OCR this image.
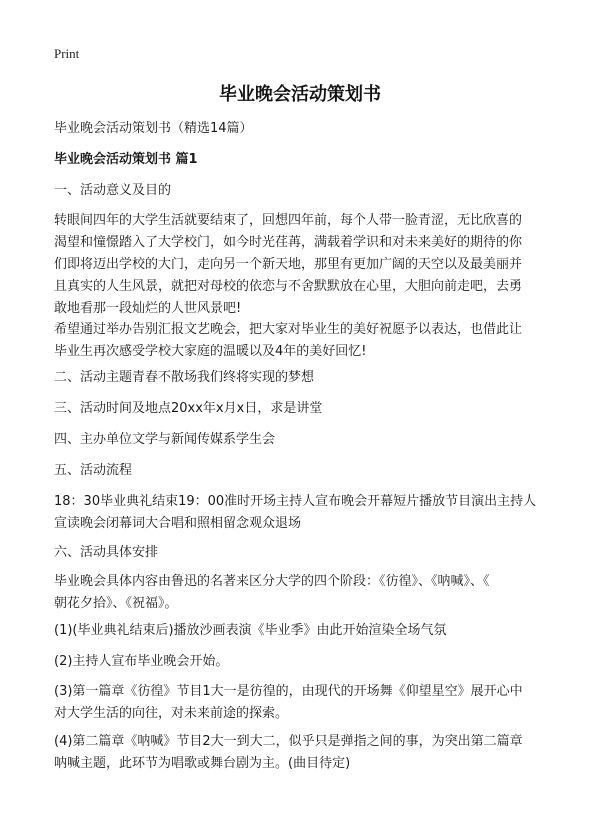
Print
毕业晚会活动策划书
毕业晚会活动策划书（精选14篇）
毕业晚会活动策划书 篇1
一、活动意义及目的
转眼间四年的大学生活就要结束了，回想四年前，每个人带一脸青涩，无比欣喜的
渴望和憧憬踏入了大学校门，如今时光荏苒，满载着学识和对未来美好的期待的你
们即将迈出学校的大门，走向另一个新天地，那里有更加广阔的天空以及最美丽并
且真实的人生风景，就把对母校的依恋与不舍默默放在心里，大胆向前走吧，去勇
敢地看那一段灿烂的人世风景吧!
希望通过举办告别汇报文艺晚会，把大家对毕业生的美好祝愿予以表达，也借此让
毕业生再次感受学校大家庭的温暖以及4年的美好回忆!
二、活动主题青春不散场我们终将实现的梦想
三、活动时间及地点20xx年x月x日，求是讲堂
四、主办单位文学与新闻传媒系学生会
五、活动流程
18：30毕业典礼结束19：00准时开场主持人宣布晚会开幕短片播放节目演出主持人
宣读晚会闭幕词大合唱和照相留念观众退场
六、活动具体安排
毕业晚会具体内容由鲁迅的名著来区分大学的四个阶段：《彷徨》、《呐喊》、《
朝花夕拾》、《祝福》。
(1)(毕业典礼结束后)播放沙画表演《毕业季》由此开始渲染全场气氛
(2)主持人宣布毕业晚会开始。
(3)第一篇章《彷徨》节目1大一是彷徨的，由现代的开场舞《仰望星空》展开心中
对大学生活的向往，对未来前途的探索。
(4)第二篇章《呐喊》节目2大一到大二，似乎只是弹指之间的事，为突出第二篇章
呐喊主题，此环节为唱歌或舞台剧为主。(曲目待定)
